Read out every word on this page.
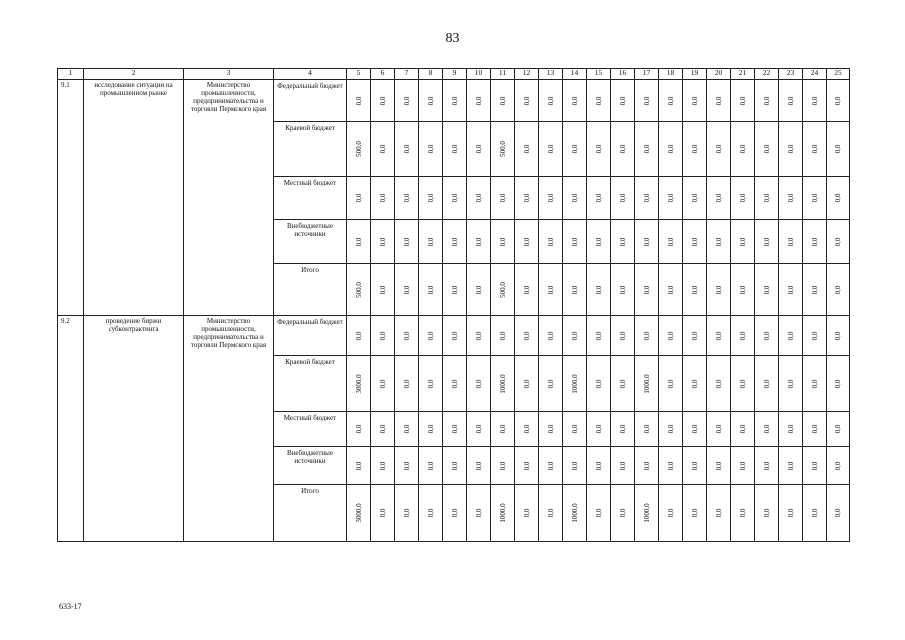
83
1	2	3	4	5	6	7	8	9	10	11	12	13	14	15	16	17	18	19	20	21	22	23	24	25
9.1	исследование ситуации на промышленном рынке	Министерство промышленности, предпринимательства и торговли Пермского края	Федеральный бюджет	0,0	0,0	0,0	0,0	0,0	0,0	0,0	0,0	0,0	0,0	0,0	0,0	0,0	0,0	0,0	0,0	0,0	0,0	0,0	0,0	0,0

			Краевой бюджет	500,0	0,0	0,0	0,0	0,0	0,0	500,0	0,0	0,0	0,0	0,0	0,0	0,0	0,0	0,0	0,0	0,0	0,0	0,0	0,0	0,0

			Местный бюджет	0,0	0,0	0,0	0,0	0,0	0,0	0,0	0,0	0,0	0,0	0,0	0,0	0,0	0,0	0,0	0,0	0,0	0,0	0,0	0,0	0,0

			Внебюджетные источники	0,0	0,0	0,0	0,0	0,0	0,0	0,0	0,0	0,0	0,0	0,0	0,0	0,0	0,0	0,0	0,0	0,0	0,0	0,0	0,0	0,0

			Итого	500,0	0,0	0,0	0,0	0,0	0,0	500,0	0,0	0,0	0,0	0,0	0,0	0,0	0,0	0,0	0,0	0,0	0,0	0,0	0,0	0,0

9.2	проведение биржи субконтрактинга	Министерство промышленности, предпринимательства и торговли Пермского края	Федеральный бюджет	0,0	0,0	0,0	0,0	0,0	0,0	0,0	0,0	0,0	0,0	0,0	0,0	0,0	0,0	0,0	0,0	0,0	0,0	0,0	0,0	0,0

			Краевой бюджет	3000,0	0,0	0,0	0,0	0,0	0,0	1000,0	0,0	0,0	1000,0	0,0	0,0	1000,0	0,0	0,0	0,0	0,0	0,0	0,0	0,0	0,0

			Местный бюджет	0,0	0,0	0,0	0,0	0,0	0,0	0,0	0,0	0,0	0,0	0,0	0,0	0,0	0,0	0,0	0,0	0,0	0,0	0,0	0,0	0,0

			Внебюджетные источники	0,0	0,0	0,0	0,0	0,0	0,0	0,0	0,0	0,0	0,0	0,0	0,0	0,0	0,0	0,0	0,0	0,0	0,0	0,0	0,0	0,0

			Итого	3000,0	0,0	0,0	0,0	0,0	0,0	1000,0	0,0	0,0	1000,0	0,0	0,0	1000,0	0,0	0,0	0,0	0,0	0,0	0,0	0,0	0,0
633-17
